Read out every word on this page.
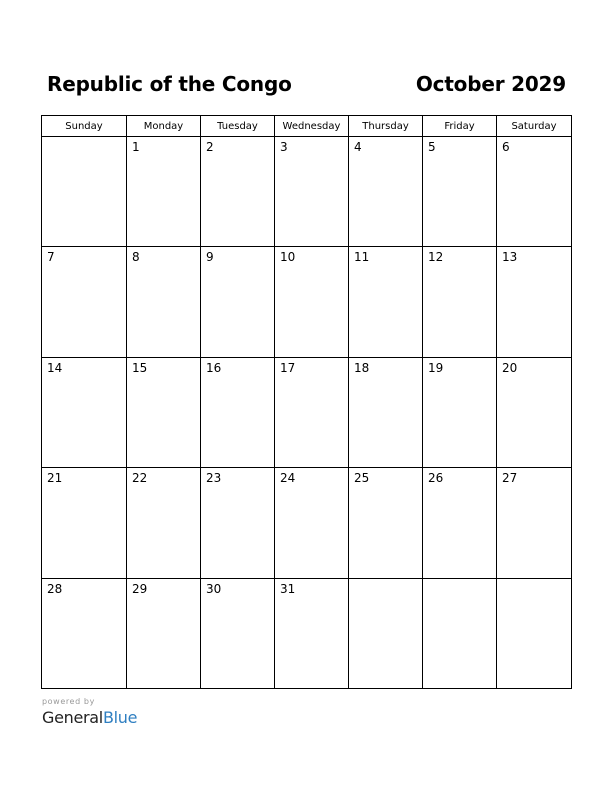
Republic of the Congo	October 2029
Sunday	Monday	Tuesday	Wednesday	Thursday	Friday	Saturday

	1	2	3	4	5	6

7	8	9	10	11	12	13

14	15	16	17	18	19	20

21	22	23	24	25	26	27

28	29	30	31			

powered by
GeneralBlue
